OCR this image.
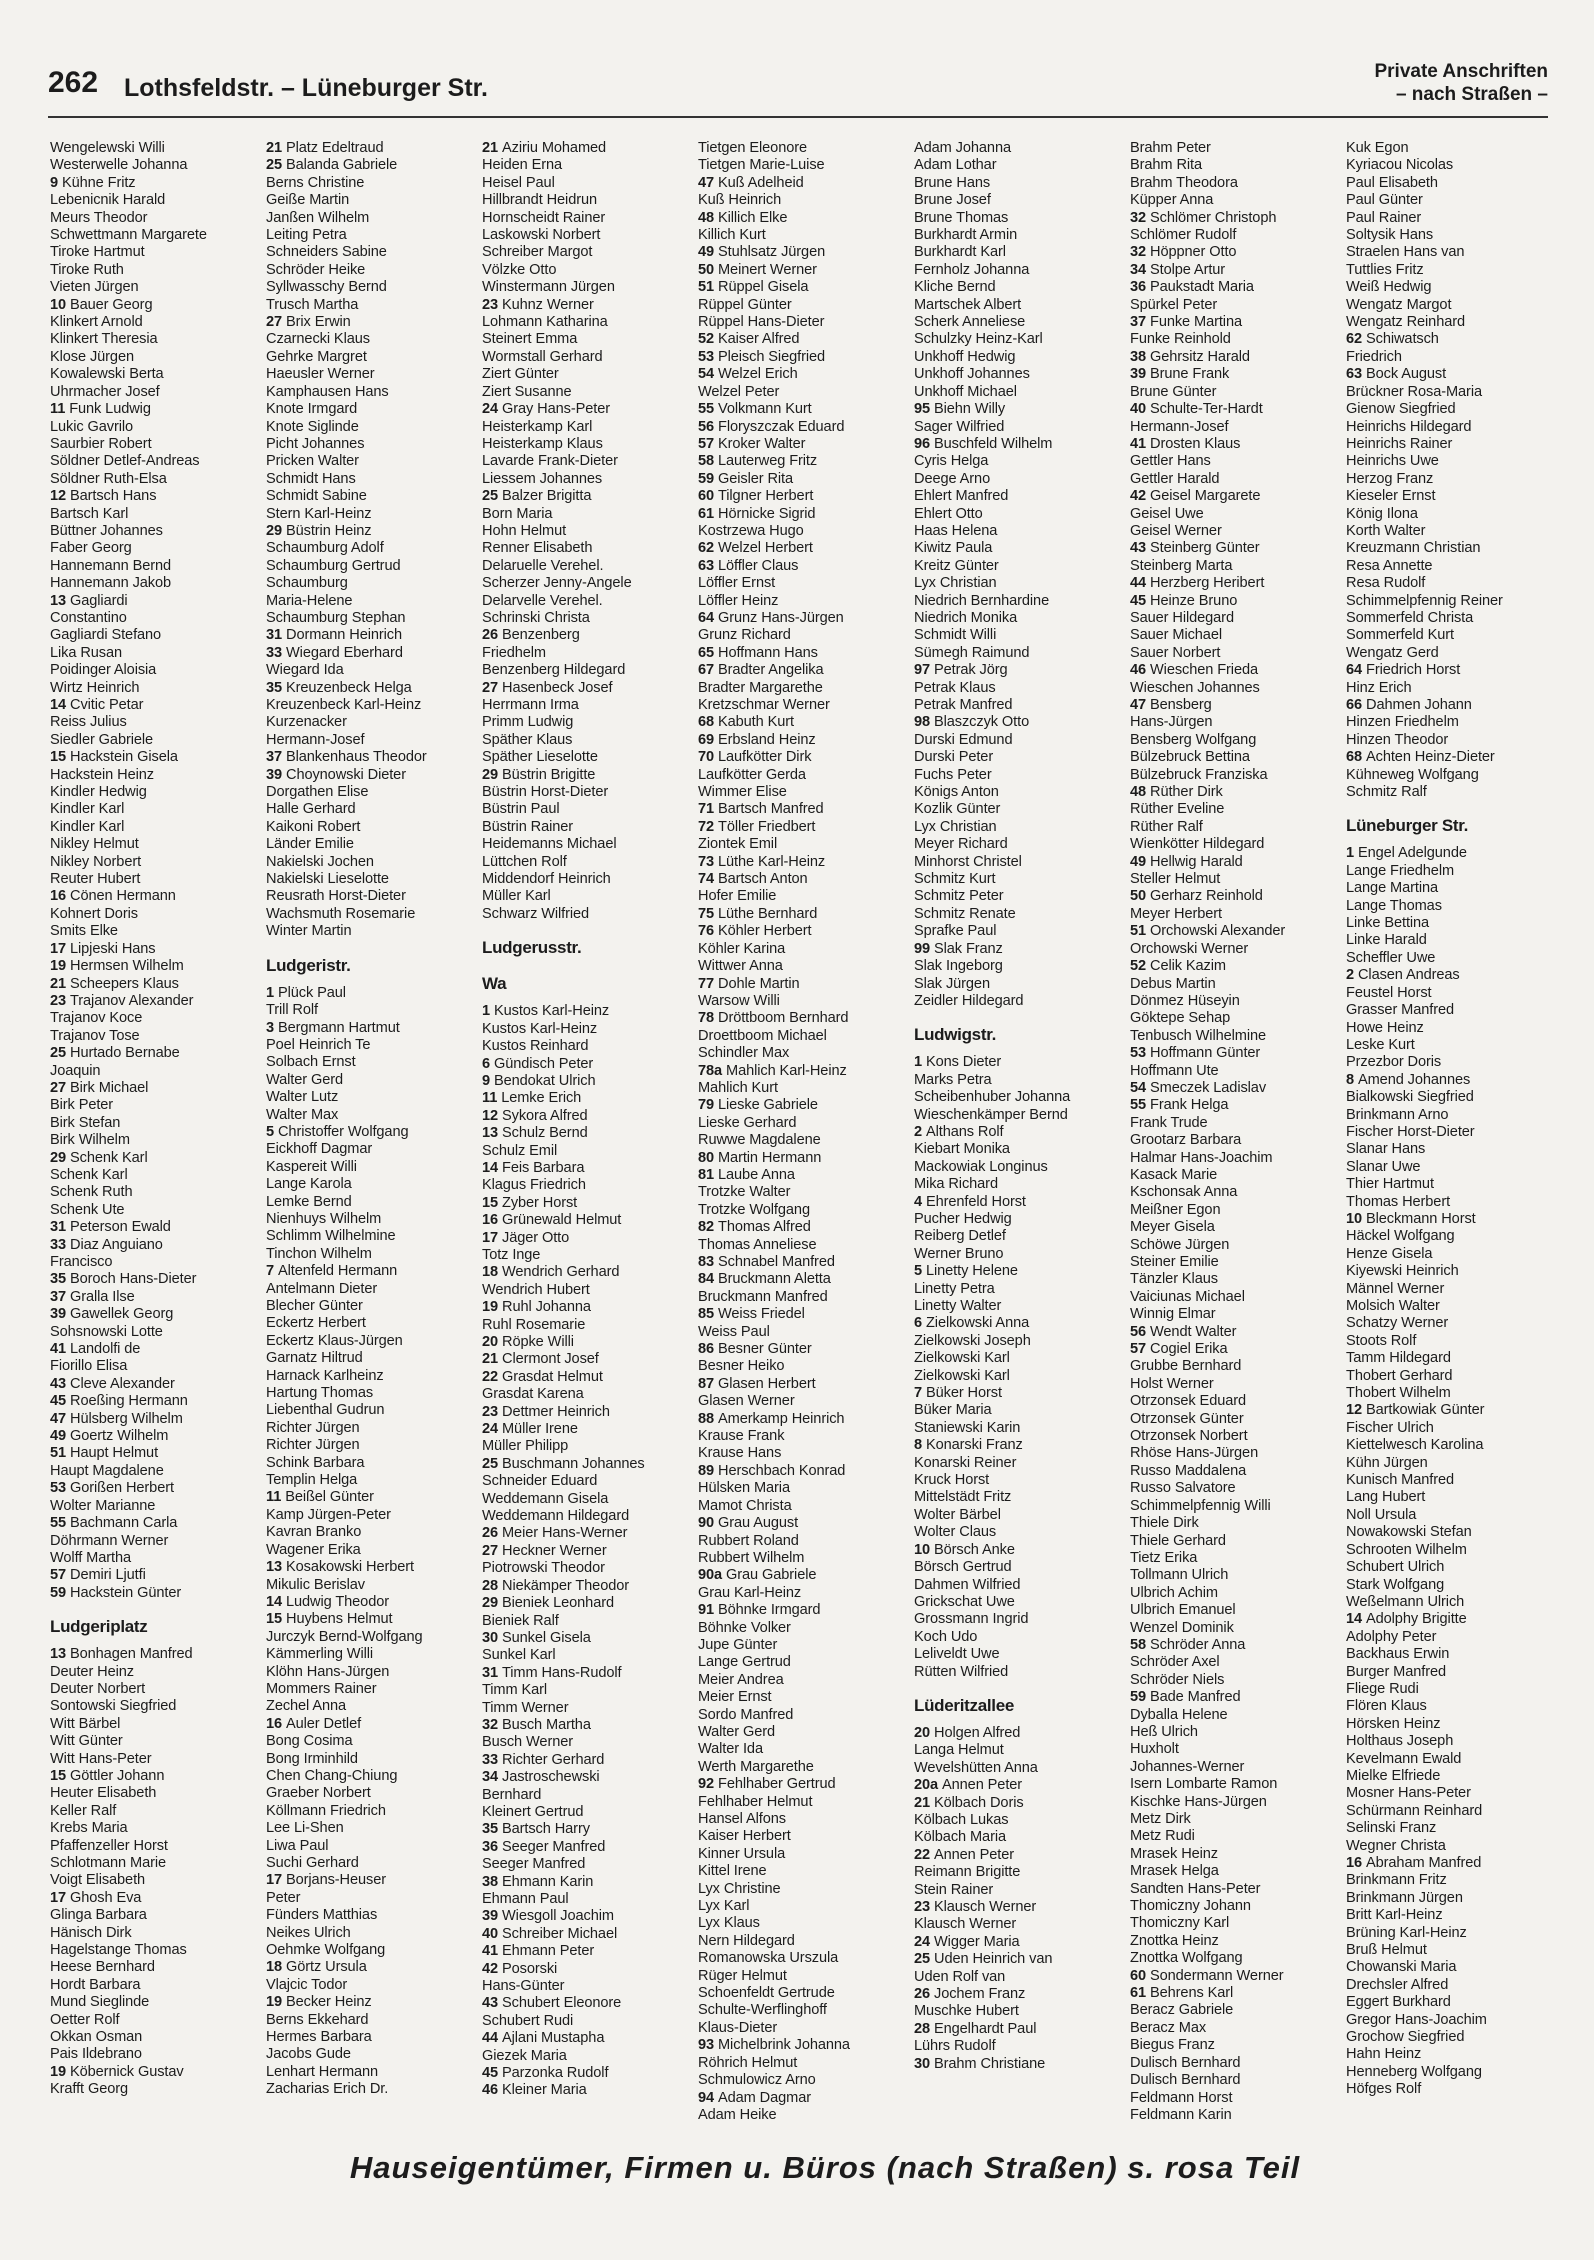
262 Lothsfeldstr. – Lüneburger Str.
Private Anschriften
– nach Straßen –
Wengelewski Willi
Westerwelle Johanna
9 Kühne Fritz
Lebenicnik Harald
Meurs Theodor
Schwettmann Margarete
Tiroke Hartmut
Tiroke Ruth
Vieten Jürgen
10 Bauer Georg
Klinkert Arnold
Klinkert Theresia
Klose Jürgen
Kowalewski Berta
Uhrmacher Josef
11 Funk Ludwig
Lukic Gavrilo
Saurbier Robert
Söldner Detlef-Andreas
Söldner Ruth-Elsa
12 Bartsch Hans
Bartsch Karl
Büttner Johannes
Faber Georg
Hannemann Bernd
Hannemann Jakob
13 Gagliardi
Constantino
Gagliardi Stefano
Lika Rusan
Poidinger Aloisia
Wirtz Heinrich
14 Cvitic Petar
Reiss Julius
Siedler Gabriele
15 Hackstein Gisela
Hackstein Heinz
Kindler Hedwig
Kindler Karl
Kindler Karl
Nikley Helmut
Nikley Norbert
Reuter Hubert
16 Cönen Hermann
Kohnert Doris
Smits Elke
17 Lipjeski Hans
19 Hermsen Wilhelm
21 Scheepers Klaus
23 Trajanov Alexander
Trajanov Koce
Trajanov Tose
25 Hurtado Bernabe
Joaquin
27 Birk Michael
Birk Peter
Birk Stefan
Birk Wilhelm
29 Schenk Karl
Schenk Karl
Schenk Ruth
Schenk Ute
31 Peterson Ewald
33 Diaz Anguiano
Francisco
35 Boroch Hans-Dieter
37 Gralla Ilse
39 Gawellek Georg
Sohsnowski Lotte
41 Landolfi de
Fiorillo Elisa
43 Cleve Alexander
45 Roeßing Hermann
47 Hülsberg Wilhelm
49 Goertz Wilhelm
51 Haupt Helmut
Haupt Magdalene
53 Gorißen Herbert
Wolter Marianne
55 Bachmann Carla
Döhrmann Werner
Wolff Martha
57 Demiri Ljutfi
59 Hackstein Günter
Ludgeriplatz
13 Bonhagen Manfred
Deuter Heinz
Deuter Norbert
Sontowski Siegfried
Witt Bärbel
Witt Günter
Witt Hans-Peter
15 Göttler Johann
Heuter Elisabeth
Keller Ralf
Krebs Maria
Pfaffenzeller Horst
Schlotmann Marie
Voigt Elisabeth
17 Ghosh Eva
Glinga Barbara
Hänisch Dirk
Hagelstange Thomas
Heese Bernhard
Hordt Barbara
Mund Sieglinde
Oetter Rolf
Okkan Osman
Pais Ildebrano
19 Köbernick Gustav
Krafft Georg
21 Platz Edeltraud
25 Balanda Gabriele
Berns Christine
Geiße Martin
Janßen Wilhelm
Leiting Petra
Schneiders Sabine
Schröder Heike
Syllwasschy Bernd
Trusch Martha
27 Brix Erwin
Czarnecki Klaus
Gehrke Margret
Haeusler Werner
Kamphausen Hans
Knote Irmgard
Knote Siglinde
Picht Johannes
Pricken Walter
Schmidt Hans
Schmidt Sabine
Stern Karl-Heinz
29 Büstrin Heinz
Schaumburg Adolf
Schaumburg Gertrud
Schaumburg
Maria-Helene
Schaumburg Stephan
31 Dormann Heinrich
33 Wiegard Eberhard
Wiegard Ida
35 Kreuzenbeck Helga
Kreuzenbeck Karl-Heinz
Kurzenacker
Hermann-Josef
37 Blankenhaus Theodor
39 Choynowski Dieter
Dorgathen Elise
Halle Gerhard
Kaikoni Robert
Länder Emilie
Nakielski Jochen
Nakielski Lieselotte
Reusrath Horst-Dieter
Wachsmuth Rosemarie
Winter Martin
Ludgeristr.
1 Plück Paul
Trill Rolf
3 Bergmann Hartmut
Poel Heinrich Te
Solbach Ernst
Walter Gerd
Walter Lutz
Walter Max
5 Christoffer Wolfgang
Eickhoff Dagmar
Kaspereit Willi
Lange Karola
Lemke Bernd
Nienhuys Wilhelm
Schlimm Wilhelmine
Tinchon Wilhelm
7 Altenfeld Hermann
Antelmann Dieter
Blecher Günter
Eckertz Herbert
Eckertz Klaus-Jürgen
Garnatz Hiltrud
Harnack Karlheinz
Hartung Thomas
Liebenthal Gudrun
Richter Jürgen
Richter Jürgen
Schink Barbara
Templin Helga
11 Beißel Günter
Kamp Jürgen-Peter
Kavran Branko
Wagener Erika
13 Kosakowski Herbert
Mikulic Berislav
14 Ludwig Theodor
15 Huybens Helmut
Jurczyk Bernd-Wolfgang
Kämmerling Willi
Klöhn Hans-Jürgen
Mommers Rainer
Zechel Anna
16 Auler Detlef
Bong Cosima
Bong Irminhild
Chen Chang-Chiung
Graeber Norbert
Köllmann Friedrich
Lee Li-Shen
Liwa Paul
Suchi Gerhard
17 Borjans-Heuser
Peter
Fünders Matthias
Neikes Ulrich
Oehmke Wolfgang
18 Görtz Ursula
Vlajcic Todor
19 Becker Heinz
Berns Ekkehard
Hermes Barbara
Jacobs Gude
Lenhart Hermann
Zacharias Erich Dr.
21 Aziriu Mohamed
Heiden Erna
Heisel Paul
Hillbrandt Heidrun
Hornscheidt Rainer
Laskowski Norbert
Schreiber Margot
Völzke Otto
Winstermann Jürgen
23 Kuhnz Werner
Lohmann Katharina
Steinert Emma
Wormstall Gerhard
Ziert Günter
Ziert Susanne
24 Gray Hans-Peter
Heisterkamp Karl
Heisterkamp Klaus
Lavarde Frank-Dieter
Liessem Johannes
25 Balzer Brigitta
Born Maria
Hohn Helmut
Renner Elisabeth
Delaruelle Verehel.
Scherzer Jenny-Angele
Delarvelle Verehel.
Schrinski Christa
26 Benzenberg
Friedhelm
Benzenberg Hildegard
27 Hasenbeck Josef
Herrmann Irma
Primm Ludwig
Späther Klaus
Späther Lieselotte
29 Büstrin Brigitte
Büstrin Horst-Dieter
Büstrin Paul
Büstrin Rainer
Heidemanns Michael
Lüttchen Rolf
Middendorf Heinrich
Müller Karl
Schwarz Wilfried
Ludgerusstr.
Wa
1 Kustos Karl-Heinz
Kustos Karl-Heinz
Kustos Reinhard
6 Gündisch Peter
9 Bendokat Ulrich
11 Lemke Erich
12 Sykora Alfred
13 Schulz Bernd
Schulz Emil
14 Feis Barbara
Klagus Friedrich
15 Zyber Horst
16 Grünewald Helmut
17 Jäger Otto
Totz Inge
18 Wendrich Gerhard
Wendrich Hubert
19 Ruhl Johanna
Ruhl Rosemarie
20 Röpke Willi
21 Clermont Josef
22 Grasdat Helmut
Grasdat Karena
23 Dettmer Heinrich
24 Müller Irene
Müller Philipp
25 Buschmann Johannes
Schneider Eduard
Weddemann Gisela
Weddemann Hildegard
26 Meier Hans-Werner
27 Heckner Werner
Piotrowski Theodor
28 Niekämper Theodor
29 Bieniek Leonhard
Bieniek Ralf
30 Sunkel Gisela
Sunkel Karl
31 Timm Hans-Rudolf
Timm Karl
Timm Werner
32 Busch Martha
Busch Werner
33 Richter Gerhard
34 Jastroschewski
Bernhard
Kleinert Gertrud
35 Bartsch Harry
36 Seeger Manfred
Seeger Manfred
38 Ehmann Karin
Ehmann Paul
39 Wiesgoll Joachim
40 Schreiber Michael
41 Ehmann Peter
42 Posorski
Hans-Günter
43 Schubert Eleonore
Schubert Rudi
44 Ajlani Mustapha
Giezek Maria
45 Parzonka Rudolf
46 Kleiner Maria
Tietgen Eleonore
Tietgen Marie-Luise
47 Kuß Adelheid
Kuß Heinrich
48 Killich Elke
Killich Kurt
49 Stuhlsatz Jürgen
50 Meinert Werner
51 Rüppel Gisela
Rüppel Günter
Rüppel Hans-Dieter
52 Kaiser Alfred
53 Pleisch Siegfried
54 Welzel Erich
Welzel Peter
55 Volkmann Kurt
56 Floryszczak Eduard
57 Kroker Walter
58 Lauterweg Fritz
59 Geisler Rita
60 Tilgner Herbert
61 Hörnicke Sigrid
Kostrzewa Hugo
62 Welzel Herbert
63 Löffler Claus
Löffler Ernst
Löffler Heinz
64 Grunz Hans-Jürgen
Grunz Richard
65 Hoffmann Hans
67 Bradter Angelika
Bradter Margarethe
Kretzschmar Werner
68 Kabuth Kurt
69 Erbsland Heinz
70 Laufkötter Dirk
Laufkötter Gerda
Wimmer Elise
71 Bartsch Manfred
72 Töller Friedbert
Ziontek Emil
73 Lüthe Karl-Heinz
74 Bartsch Anton
Hofer Emilie
75 Lüthe Bernhard
76 Köhler Herbert
Köhler Karina
Wittwer Anna
77 Dohle Martin
Warsow Willi
78 Dröttboom Bernhard
Droettboom Michael
Schindler Max
78a Mahlich Karl-Heinz
Mahlich Kurt
79 Lieske Gabriele
Lieske Gerhard
Ruwwe Magdalene
80 Martin Hermann
81 Laube Anna
Trotzke Walter
Trotzke Wolfgang
82 Thomas Alfred
Thomas Anneliese
83 Schnabel Manfred
84 Bruckmann Aletta
Bruckmann Manfred
85 Weiss Friedel
Weiss Paul
86 Besner Günter
Besner Heiko
87 Glasen Herbert
Glasen Werner
88 Amerkamp Heinrich
Krause Frank
Krause Hans
89 Herschbach Konrad
Hülsken Maria
Mamot Christa
90 Grau August
Rubbert Roland
Rubbert Wilhelm
90a Grau Gabriele
Grau Karl-Heinz
91 Böhnke Irmgard
Böhnke Volker
Jupe Günter
Lange Gertrud
Meier Andrea
Meier Ernst
Sordo Manfred
Walter Gerd
Walter Ida
Werth Margarethe
92 Fehlhaber Gertrud
Fehlhaber Helmut
Hansel Alfons
Kaiser Herbert
Kinner Ursula
Kittel Irene
Lyx Christine
Lyx Karl
Lyx Klaus
Nern Hildegard
Romanowska Urszula
Rüger Helmut
Schoenfeldt Gertrude
Schulte-Werflinghoff
Klaus-Dieter
93 Michelbrink Johanna
Röhrich Helmut
Schmulowicz Arno
94 Adam Dagmar
Adam Heike
Adam Johanna
Adam Lothar
Brune Hans
Brune Josef
Brune Thomas
Burkhardt Armin
Burkhardt Karl
Fernholz Johanna
Kliche Bernd
Martschek Albert
Scherk Anneliese
Schulzky Heinz-Karl
Unkhoff Hedwig
Unkhoff Johannes
Unkhoff Michael
95 Biehn Willy
Sager Wilfried
96 Buschfeld Wilhelm
Cyris Helga
Deege Arno
Ehlert Manfred
Ehlert Otto
Haas Helena
Kiwitz Paula
Kreitz Günter
Lyx Christian
Niedrich Bernhardine
Niedrich Monika
Schmidt Willi
Sümegh Raimund
97 Petrak Jörg
Petrak Klaus
Petrak Manfred
98 Blaszczyk Otto
Durski Edmund
Durski Peter
Fuchs Peter
Königs Anton
Kozlik Günter
Lyx Christian
Meyer Richard
Minhorst Christel
Schmitz Kurt
Schmitz Peter
Schmitz Renate
Sprafke Paul
99 Slak Franz
Slak Ingeborg
Slak Jürgen
Zeidler Hildegard
Ludwigstr.
1 Kons Dieter
Marks Petra
Scheibenhuber Johanna
Wieschenkämper Bernd
2 Althans Rolf
Kiebart Monika
Mackowiak Longinus
Mika Richard
4 Ehrenfeld Horst
Pucher Hedwig
Reiberg Detlef
Werner Bruno
5 Linetty Helene
Linetty Petra
Linetty Walter
6 Zielkowski Anna
Zielkowski Joseph
Zielkowski Karl
Zielkowski Karl
7 Büker Horst
Büker Maria
Staniewski Karin
8 Konarski Franz
Konarski Reiner
Kruck Horst
Mittelstädt Fritz
Wolter Bärbel
Wolter Claus
10 Börsch Anke
Börsch Gertrud
Dahmen Wilfried
Grickschat Uwe
Grossmann Ingrid
Koch Udo
Leliveldt Uwe
Rütten Wilfried
Lüderitzallee
20 Holgen Alfred
Langa Helmut
Wevelshütten Anna
20a Annen Peter
21 Kölbach Doris
Kölbach Lukas
Kölbach Maria
22 Annen Peter
Reimann Brigitte
Stein Rainer
23 Klausch Werner
Klausch Werner
24 Wigger Maria
25 Uden Heinrich van
Uden Rolf van
26 Jochem Franz
Muschke Hubert
28 Engelhardt Paul
Lührs Rudolf
30 Brahm Christiane
Brahm Peter
Brahm Rita
Brahm Theodora
Küpper Anna
32 Schlömer Christoph
Schlömer Rudolf
32 Höppner Otto
34 Stolpe Artur
36 Paukstadt Maria
Spürkel Peter
37 Funke Martina
Funke Reinhold
38 Gehrsitz Harald
39 Brune Frank
Brune Günter
40 Schulte-Ter-Hardt
Hermann-Josef
41 Drosten Klaus
Gettler Hans
Gettler Harald
42 Geisel Margarete
Geisel Uwe
Geisel Werner
43 Steinberg Günter
Steinberg Marta
44 Herzberg Heribert
45 Heinze Bruno
Sauer Hildegard
Sauer Michael
Sauer Norbert
46 Wieschen Frieda
Wieschen Johannes
47 Bensberg
Hans-Jürgen
Bensberg Wolfgang
Bülzebruck Bettina
Bülzebruck Franziska
48 Rüther Dirk
Rüther Eveline
Rüther Ralf
Wienkötter Hildegard
49 Hellwig Harald
Steller Helmut
50 Gerharz Reinhold
Meyer Herbert
51 Orchowski Alexander
Orchowski Werner
52 Celik Kazim
Debus Martin
Dönmez Hüseyin
Göktepe Sehap
Tenbusch Wilhelmine
53 Hoffmann Günter
Hoffmann Ute
54 Smeczek Ladislav
55 Frank Helga
Frank Trude
Grootarz Barbara
Halmar Hans-Joachim
Kasack Marie
Kschonsak Anna
Meißner Egon
Meyer Gisela
Schöwe Jürgen
Steiner Emilie
Tänzler Klaus
Vaiciunas Michael
Winnig Elmar
56 Wendt Walter
57 Cogiel Erika
Grubbe Bernhard
Holst Werner
Otrzonsek Eduard
Otrzonsek Günter
Otrzonsek Norbert
Rhöse Hans-Jürgen
Russo Maddalena
Russo Salvatore
Schimmelpfennig Willi
Thiele Dirk
Thiele Gerhard
Tietz Erika
Tollmann Ulrich
Ulbrich Achim
Ulbrich Emanuel
Wenzel Dominik
58 Schröder Anna
Schröder Axel
Schröder Niels
59 Bade Manfred
Dyballa Helene
Heß Ulrich
Huxholt
Johannes-Werner
Isern Lombarte Ramon
Kischke Hans-Jürgen
Metz Dirk
Metz Rudi
Mrasek Heinz
Mrasek Helga
Sandten Hans-Peter
Thomiczny Johann
Thomiczny Karl
Znottka Heinz
Znottka Wolfgang
60 Sondermann Werner
61 Behrens Karl
Beracz Gabriele
Beracz Max
Biegus Franz
Dulisch Bernhard
Dulisch Bernhard
Feldmann Horst
Feldmann Karin
Kuk Egon
Kyriacou Nicolas
Paul Elisabeth
Paul Günter
Paul Rainer
Soltysik Hans
Straelen Hans van
Tuttlies Fritz
Weiß Hedwig
Wengatz Margot
Wengatz Reinhard
62 Schiwatsch
Friedrich
63 Bock August
Brückner Rosa-Maria
Gienow Siegfried
Heinrichs Hildegard
Heinrichs Rainer
Heinrichs Uwe
Herzog Franz
Kieseler Ernst
König Ilona
Korth Walter
Kreuzmann Christian
Resa Annette
Resa Rudolf
Schimmelpfennig Reiner
Sommerfeld Christa
Sommerfeld Kurt
Wengatz Gerd
64 Friedrich Horst
Hinz Erich
66 Dahmen Johann
Hinzen Friedhelm
Hinzen Theodor
68 Achten Heinz-Dieter
Kühneweg Wolfgang
Schmitz Ralf
Lüneburger Str.
1 Engel Adelgunde
Lange Friedhelm
Lange Martina
Lange Thomas
Linke Bettina
Linke Harald
Scheffler Uwe
2 Clasen Andreas
Feustel Horst
Grasser Manfred
Howe Heinz
Leske Kurt
Przezbor Doris
8 Amend Johannes
Bialkowski Siegfried
Brinkmann Arno
Fischer Horst-Dieter
Slanar Hans
Slanar Uwe
Thier Hartmut
Thomas Herbert
10 Bleckmann Horst
Häckel Wolfgang
Henze Gisela
Kiyewski Heinrich
Männel Werner
Molsich Walter
Schatzy Werner
Stoots Rolf
Tamm Hildegard
Thobert Gerhard
Thobert Wilhelm
12 Bartkowiak Günter
Fischer Ulrich
Kiettelwesch Karolina
Kühn Jürgen
Kunisch Manfred
Lang Hubert
Noll Ursula
Nowakowski Stefan
Schrooten Wilhelm
Schubert Ulrich
Stark Wolfgang
Weßelmann Ulrich
14 Adolphy Brigitte
Adolphy Peter
Backhaus Erwin
Burger Manfred
Fliege Rudi
Flören Klaus
Hörsken Heinz
Holthaus Joseph
Kevelmann Ewald
Mielke Elfriede
Mosner Hans-Peter
Schürmann Reinhard
Selinski Franz
Wegner Christa
16 Abraham Manfred
Brinkmann Fritz
Brinkmann Jürgen
Britt Karl-Heinz
Brüning Karl-Heinz
Bruß Helmut
Chowanski Maria
Drechsler Alfred
Eggert Burkhard
Gregor Hans-Joachim
Grochow Siegfried
Hahn Heinz
Henneberg Wolfgang
Höfges Rolf
Hauseigentümer, Firmen u. Büros (nach Straßen) s. rosa Teil
